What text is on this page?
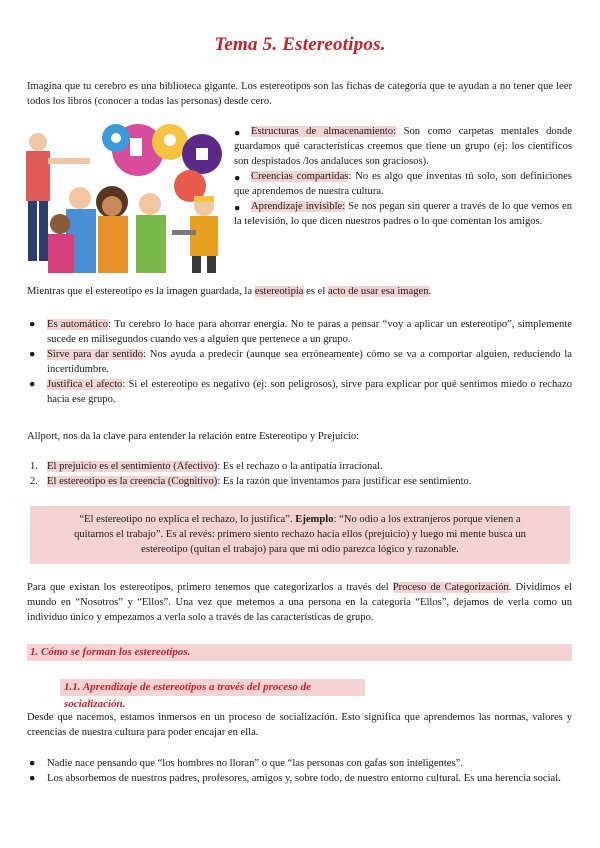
Tema 5. Estereotipos.

Imagina que tu cerebro es una biblioteca gigante. Los estereotipos son las fichas de categoría que te ayudan a no tener que leer todos los libros (conocer a todas las personas) desde cero.

● Estructuras de almacenamiento: Son como carpetas mentales donde guardamos qué características creemos que tiene un grupo (ej: los científicos son despistados /los andaluces son graciosos).
● Creencias compartidas: No es algo que inventas tú solo, son definiciones que aprendemos de nuestra cultura.
● Aprendizaje invisible: Se nos pegan sin querer a través de lo que vemos en la televisión, lo que dicen nuestros padres o lo que comentan los amigos.

Mientras que el estereotipo es la imagen guardada, la estereotipia es el acto de usar esa imagen.

● Es automático: Tu cerebro lo hace para ahorrar energía. No te paras a pensar “voy a aplicar un estereotipo”, simplemente sucede en milisegundos cuando ves a alguien que pertenece a un grupo.
● Sirve para dar sentido: Nos ayuda a predecir (aunque sea erróneamente) cómo se va a comportar alguien, reduciendo la incertidumbre.
● Justifica el afecto: Si el estereotipo es negativo (ej: son peligrosos), sirve para explicar por qué sentimos miedo o rechazo hacia ese grupo.

Allport, nos da la clave para entender la relación entre Estereotipo y Prejuicio:

1. El prejuicio es el sentimiento (Afectivo): Es el rechazo o la antipatía irracional.
2. El estereotipo es la creencia (Cognitivo): Es la razón que inventamos para justificar ese sentimiento.
“El estereotipo no explica el rechazo, lo justifica”. Ejemplo: “No odio a los extranjeros porque vienen a quitarnos el trabajo”. Es al revés: primero siento rechazo hacia ellos (prejuicio) y luego mi mente busca un estereotipo (quitan el trabajo) para que mi odio parezca lógico y razonable.

Para que existan los estereotipos, primero tenemos que categorizarlos a través del Proceso de Categorización. Dividimos el mundo en “Nosotros” y “Ellos”. Una vez que metemos a una persona en la categoría “Ellos”, dejamos de verla como un individuo único y empezamos a verla solo a través de las características de grupo.

1. Cómo se forman los estereotipos.
1.1. Aprendizaje de estereotipos a través del proceso de socialización.

Desde que nacemos, estamos inmersos en un proceso de socialización. Esto significa que aprendemos las normas, valores y creencias de nuestra cultura para poder encajar en ella.

● Nadie nace pensando que “los hombres no lloran” o que “las personas con gafas son inteligentes”.
● Los absorbemos de nuestros padres, profesores, amigos y, sobre todo, de nuestro entorno cultural. Es una herencia social.
